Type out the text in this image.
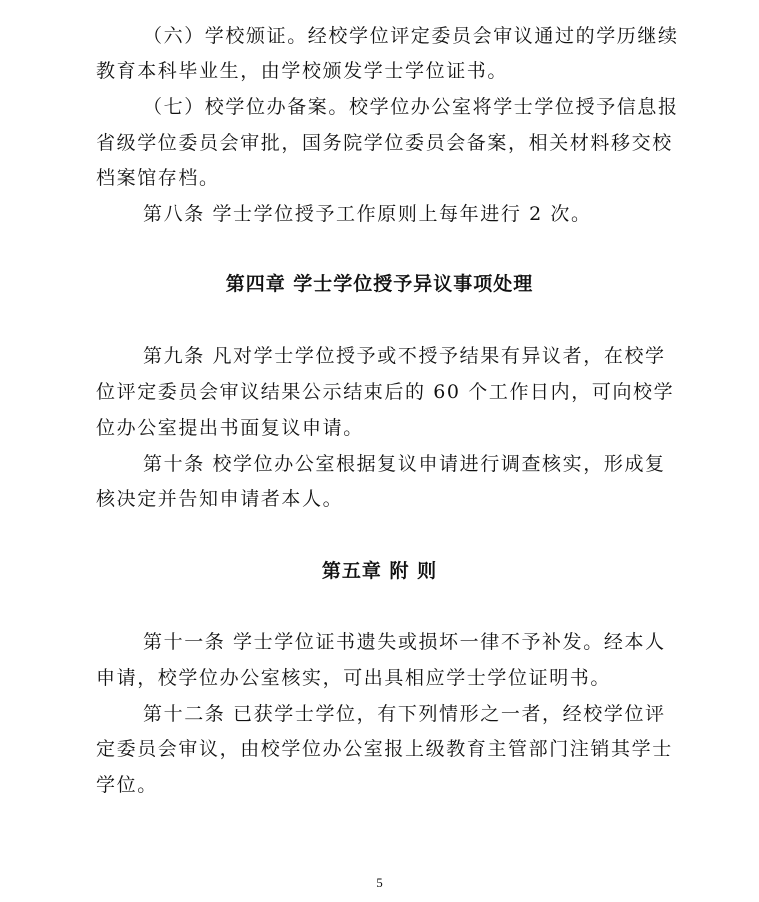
（六）学校颁证。经校学位评定委员会审议通过的学历继续
教育本科毕业生，由学校颁发学士学位证书。
（七）校学位办备案。校学位办公室将学士学位授予信息报
省级学位委员会审批，国务院学位委员会备案，相关材料移交校
档案馆存档。
第八条 学士学位授予工作原则上每年进行 2 次。
第四章 学士学位授予异议事项处理
第九条 凡对学士学位授予或不授予结果有异议者，在校学
位评定委员会审议结果公示结束后的 60 个工作日内，可向校学
位办公室提出书面复议申请。
第十条 校学位办公室根据复议申请进行调查核实，形成复
核决定并告知申请者本人。
第五章 附 则
第十一条 学士学位证书遗失或损坏一律不予补发。经本人
申请，校学位办公室核实，可出具相应学士学位证明书。
第十二条 已获学士学位，有下列情形之一者，经校学位评
定委员会审议，由校学位办公室报上级教育主管部门注销其学士
学位。
5
